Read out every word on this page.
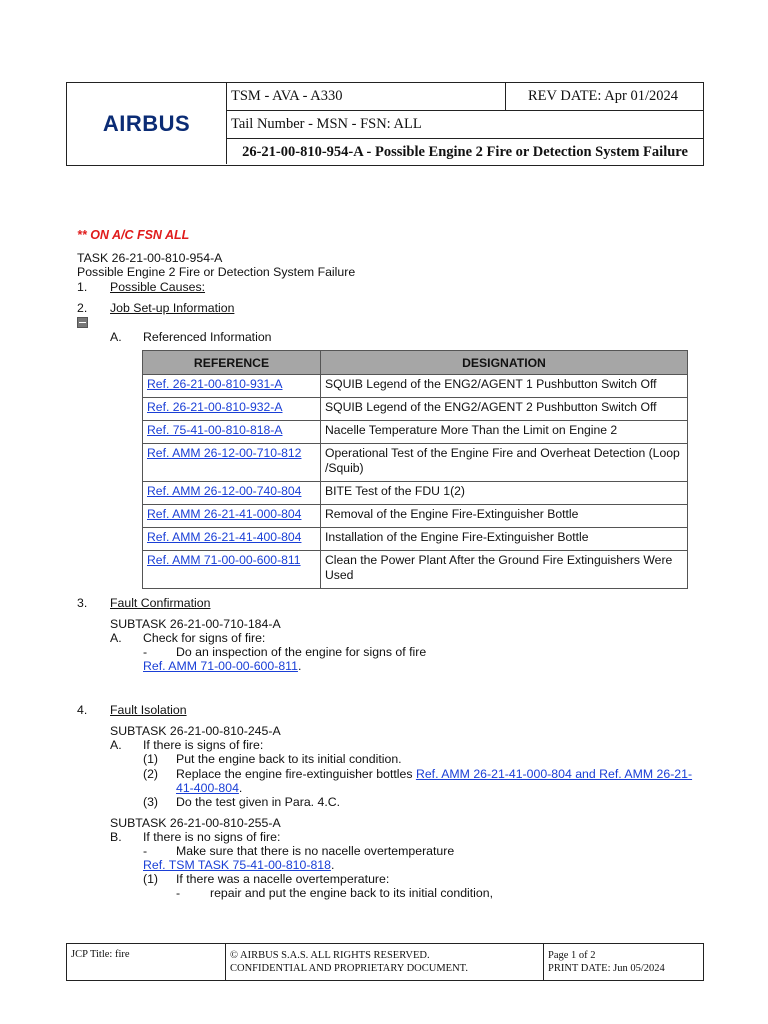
AIRBUS
TSM - AVA - A330	REV DATE: Apr 01/2024
Tail Number - MSN - FSN: ALL
26-21-00-810-954-A - Possible Engine 2 Fire or Detection System Failure
** ON A/C FSN ALL
TASK 26-21-00-810-954-A
Possible Engine 2 Fire or Detection System Failure
1. Possible Causes:
2. Job Set-up Information
A. Referenced Information
REFERENCE	DESIGNATION
Ref. 26-21-00-810-931-A	SQUIB Legend of the ENG2/AGENT 1 Pushbutton Switch Off
Ref. 26-21-00-810-932-A	SQUIB Legend of the ENG2/AGENT 2 Pushbutton Switch Off
Ref. 75-41-00-810-818-A	Nacelle Temperature More Than the Limit on Engine 2
Ref. AMM 26-12-00-710-812	Operational Test of the Engine Fire and Overheat Detection (Loop /Squib)
Ref. AMM 26-12-00-740-804	BITE Test of the FDU 1(2)
Ref. AMM 26-21-41-000-804	Removal of the Engine Fire-Extinguisher Bottle
Ref. AMM 26-21-41-400-804	Installation of the Engine Fire-Extinguisher Bottle
Ref. AMM 71-00-00-600-811	Clean the Power Plant After the Ground Fire Extinguishers Were Used
3. Fault Confirmation
SUBTASK 26-21-00-710-184-A
A. Check for signs of fire:
- Do an inspection of the engine for signs of fire
Ref. AMM 71-00-00-600-811.
4. Fault Isolation
SUBTASK 26-21-00-810-245-A
A. If there is signs of fire:
(1) Put the engine back to its initial condition.
(2) Replace the engine fire-extinguisher bottles Ref. AMM 26-21-41-000-804 and Ref. AMM 26-21-
41-400-804.
(3) Do the test given in Para. 4.C.
SUBTASK 26-21-00-810-255-A
B. If there is no signs of fire:
- Make sure that there is no nacelle overtemperature
Ref. TSM TASK 75-41-00-810-818.
(1) If there was a nacelle overtemperature:
- repair and put the engine back to its initial condition,
JCP Title: fire	© AIRBUS S.A.S. ALL RIGHTS RESERVED.
CONFIDENTIAL AND PROPRIETARY DOCUMENT.
Page 1 of 2
PRINT DATE: Jun 05/2024
